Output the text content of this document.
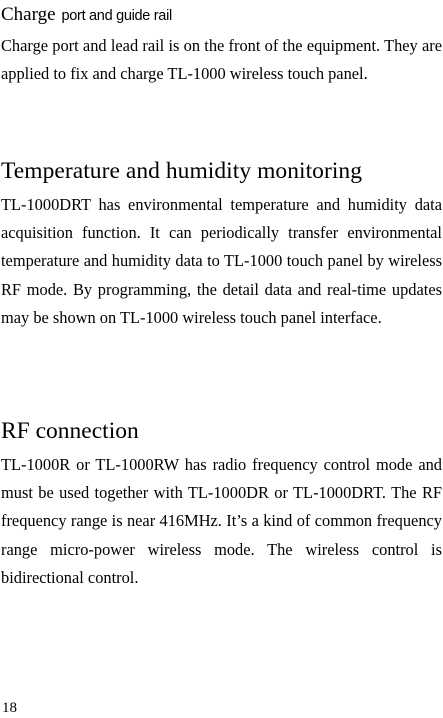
Charge port and guide rail

Charge port and lead rail is on the front of the equipment. They are applied to fix and charge TL-1000 wireless touch panel.

Temperature and humidity monitoring

TL-1000DRT has environmental temperature and humidity data acquisition function. It can periodically transfer environmental temperature and humidity data to TL-1000 touch panel by wireless RF mode. By programming, the detail data and real-time updates may be shown on TL-1000 wireless touch panel interface.

RF connection

TL-1000R or TL-1000RW has radio frequency control mode and must be used together with TL-1000DR or TL-1000DRT. The RF frequency range is near 416MHz. It’s a kind of common frequency range micro-power wireless mode. The wireless control is bidirectional control.

18
